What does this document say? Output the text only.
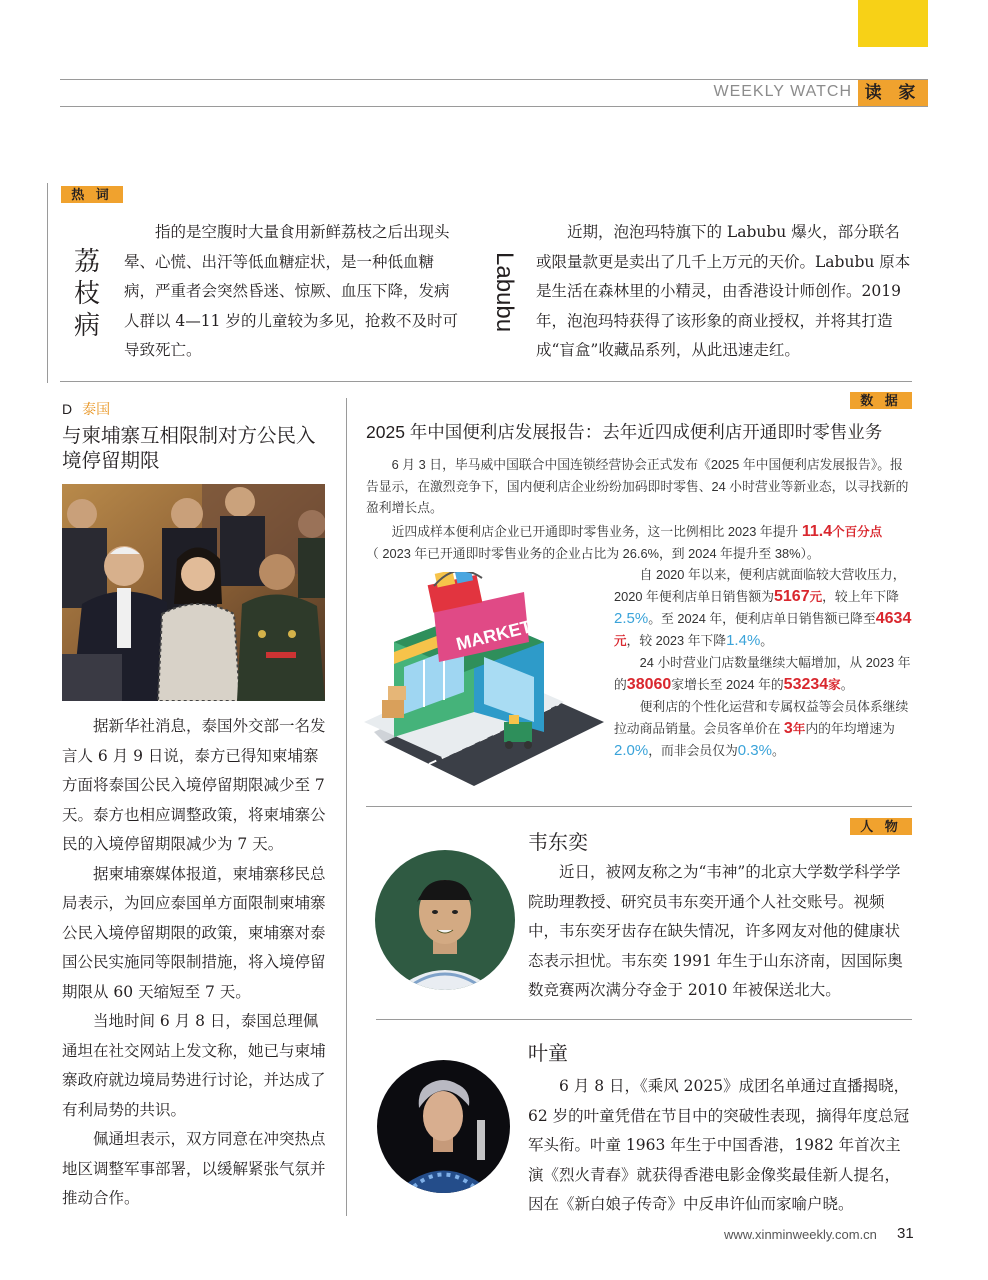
WEEKLY WATCH 读 家
热 词
荔枝病

指的是空腹时大量食用新鲜荔枝之后出现头晕、心慌、出汗等低血糖症状，是一种低血糖病，严重者会突然昏迷、惊厥、血压下降，发病人群以 4—11 岁的儿童较为多见，抢救不及时可导致死亡。

Labubu

近期，泡泡玛特旗下的 Labubu 爆火，部分联名或限量款更是卖出了几千上万元的天价。Labubu 原本是生活在森林里的小精灵，由香港设计师创作。2019 年，泡泡玛特获得了该形象的商业授权，并将其打造成“盲盒”收藏品系列，从此迅速走红。

D 泰国
与柬埔寨互相限制对方公民入境停留期限

据新华社消息，泰国外交部一名发言人 6 月 9 日说，泰方已得知柬埔寨方面将泰国公民入境停留期限减少至 7 天。泰方也相应调整政策，将柬埔寨公民的入境停留期限减少为 7 天。

据柬埔寨媒体报道，柬埔寨移民总局表示，为回应泰国单方面限制柬埔寨公民入境停留期限的政策，柬埔寨对泰国公民实施同等限制措施，将入境停留期限从 60 天缩短至 7 天。

当地时间 6 月 8 日，泰国总理佩通坦在社交网站上发文称，她已与柬埔寨政府就边境局势进行讨论，并达成了有利局势的共识。

佩通坦表示，双方同意在冲突热点地区调整军事部署，以缓解紧张气氛并推动合作。

数 据
2025 年中国便利店发展报告：去年近四成便利店开通即时零售业务

6 月 3 日，毕马威中国联合中国连锁经营协会正式发布《2025 年中国便利店发展报告》。报告显示，在激烈竞争下，国内便利店企业纷纷加码即时零售、24 小时营业等新业态，以寻找新的盈利增长点。

近四成样本便利店企业已开通即时零售业务，这一比例相比 2023 年提升 11.4个百分点

（ 2023 年已开通即时零售业务的企业占比为 26.6%，到 2024 年提升至 38%）。

MARKET

自 2020 年以来，便利店就面临较大营收压力，2020 年便利店单日销售额为5167元，较上年下降2.5%。至 2024 年，便利店单日销售额已降至4634元，较 2023 年下降1.4%。

24 小时营业门店数量继续大幅增加，从 2023 年的38060家增长至 2024 年的53234家。

便利店的个性化运营和专属权益等会员体系继续拉动商品销量。会员客单价在 3年内的年均增速为2.0%，而非会员仅为0.3%。

人 物
韦东奕

近日，被网友称之为“韦神”的北京大学数学科学学院助理教授、研究员韦东奕开通个人社交账号。视频中，韦东奕牙齿存在缺失情况，许多网友对他的健康状态表示担忧。韦东奕 1991 年生于山东济南，因国际奥数竞赛两次满分夺金于 2010 年被保送北大。

叶童

6 月 8 日，《乘风 2025》成团名单通过直播揭晓，62 岁的叶童凭借在节目中的突破性表现，摘得年度总冠军头衔。叶童 1963 年生于中国香港，1982 年首次主演《烈火青春》就获得香港电影金像奖最佳新人提名，因在《新白娘子传奇》中反串许仙而家喻户晓。

www.xinminweekly.com.cn 31
